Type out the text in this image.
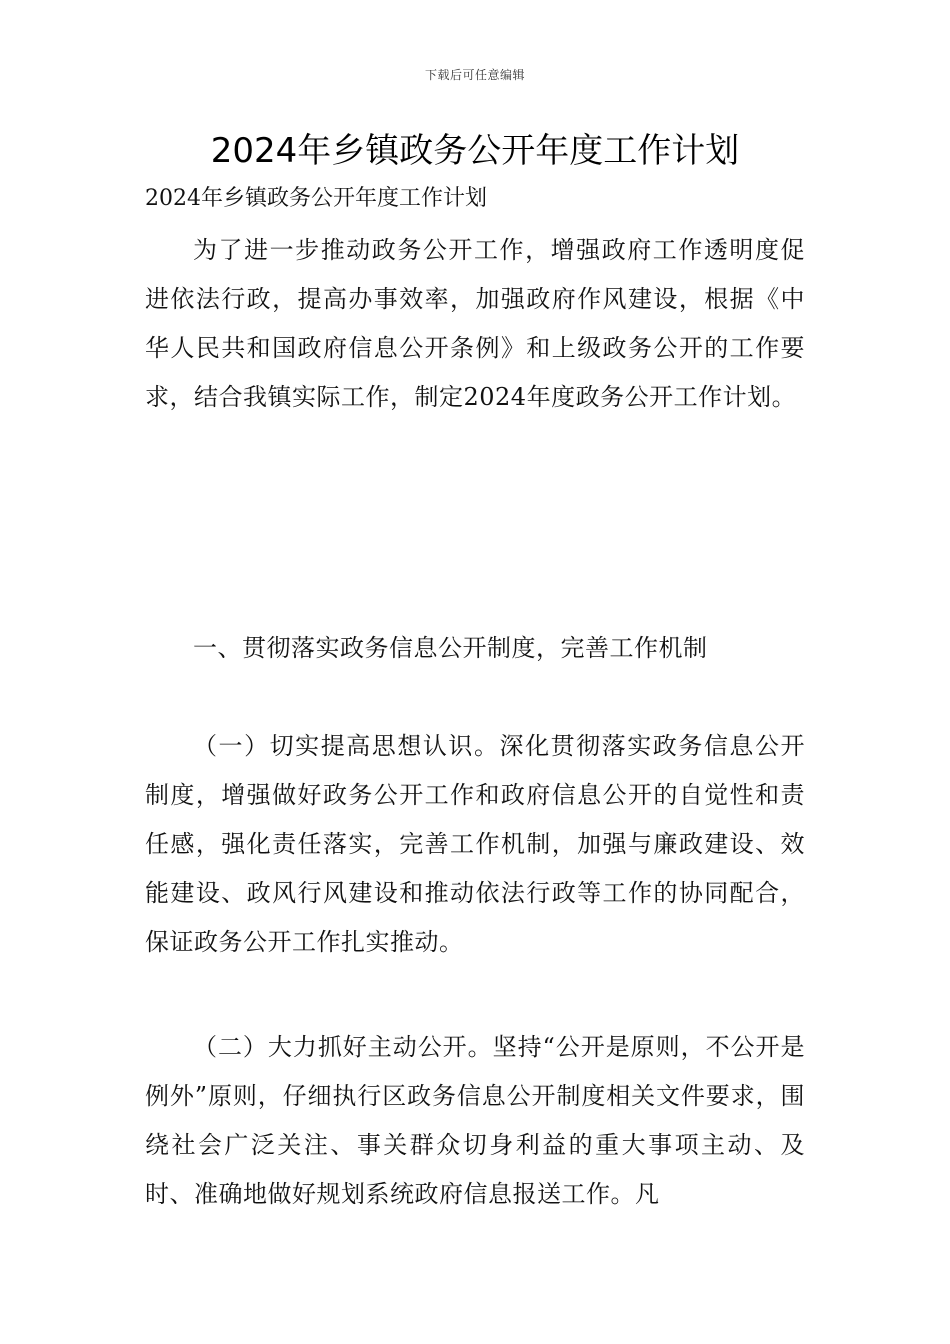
下载后可任意编辑
2024年乡镇政务公开年度工作计划
2024年乡镇政务公开年度工作计划

为了进一步推动政务公开工作，增强政府工作透明度促进依法行政，提高办事效率，加强政府作风建设，根据《中华人民共和国政府信息公开条例》和上级政务公开的工作要求，结合我镇实际工作，制定2024年度政务公开工作计划。

一、贯彻落实政务信息公开制度，完善工作机制

（一）切实提高思想认识。深化贯彻落实政务信息公开制度，增强做好政务公开工作和政府信息公开的自觉性和责任感，强化责任落实，完善工作机制，加强与廉政建设、效能建设、政风行风建设和推动依法行政等工作的协同配合，保证政务公开工作扎实推动。

（二）大力抓好主动公开。坚持“公开是原则，不公开是例外”原则，仔细执行区政务信息公开制度相关文件要求，围绕社会广泛关注、事关群众切身利益的重大事项主动、及时、准确地做好规划系统政府信息报送工作。凡
